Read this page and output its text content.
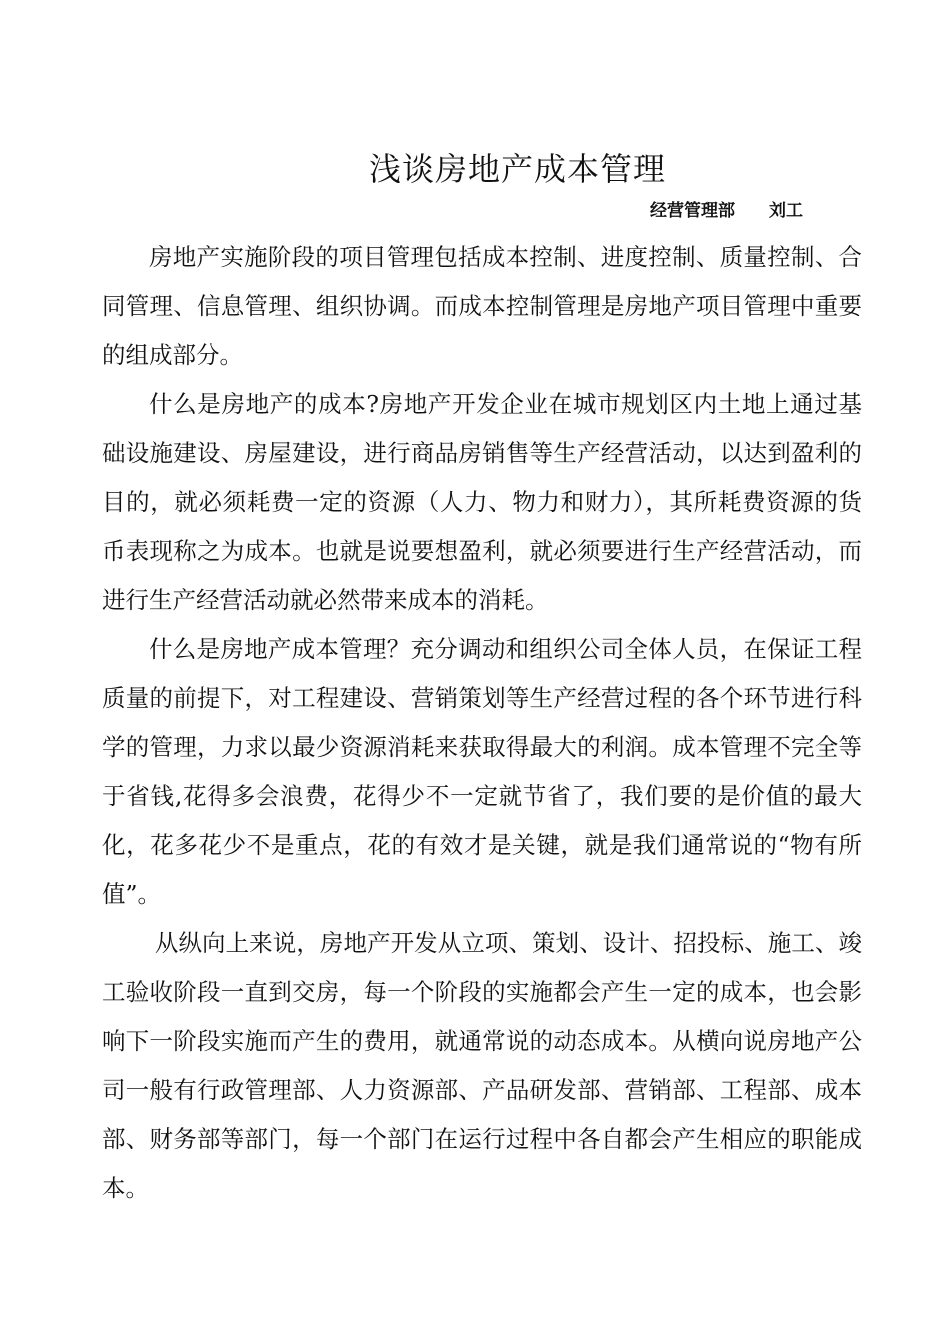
浅谈房地产成本管理
经营管理部 刘工

房地产实施阶段的项目管理包括成本控制、进度控制、质量控制、合同管理、信息管理、组织协调。而成本控制管理是房地产项目管理中重要的组成部分。

什么是房地产的成本?房地产开发企业在城市规划区内土地上通过基础设施建设、房屋建设，进行商品房销售等生产经营活动，以达到盈利的目的，就必须耗费一定的资源（人力、物力和财力），其所耗费资源的货币表现称之为成本。也就是说要想盈利，就必须要进行生产经营活动，而进行生产经营活动就必然带来成本的消耗。

什么是房地产成本管理？充分调动和组织公司全体人员，在保证工程质量的前提下，对工程建设、营销策划等生产经营过程的各个环节进行科学的管理，力求以最少资源消耗来获取得最大的利润。成本管理不完全等于省钱,花得多会浪费，花得少不一定就节省了，我们要的是价值的最大化，花多花少不是重点，花的有效才是关键，就是我们通常说的“物有所值”。

从纵向上来说，房地产开发从立项、策划、设计、招投标、施工、竣工验收阶段一直到交房，每一个阶段的实施都会产生一定的成本，也会影响下一阶段实施而产生的费用，就通常说的动态成本。从横向说房地产公司一般有行政管理部、人力资源部、产品研发部、营销部、工程部、成本部、财务部等部门，每一个部门在运行过程中各自都会产生相应的职能成本。
